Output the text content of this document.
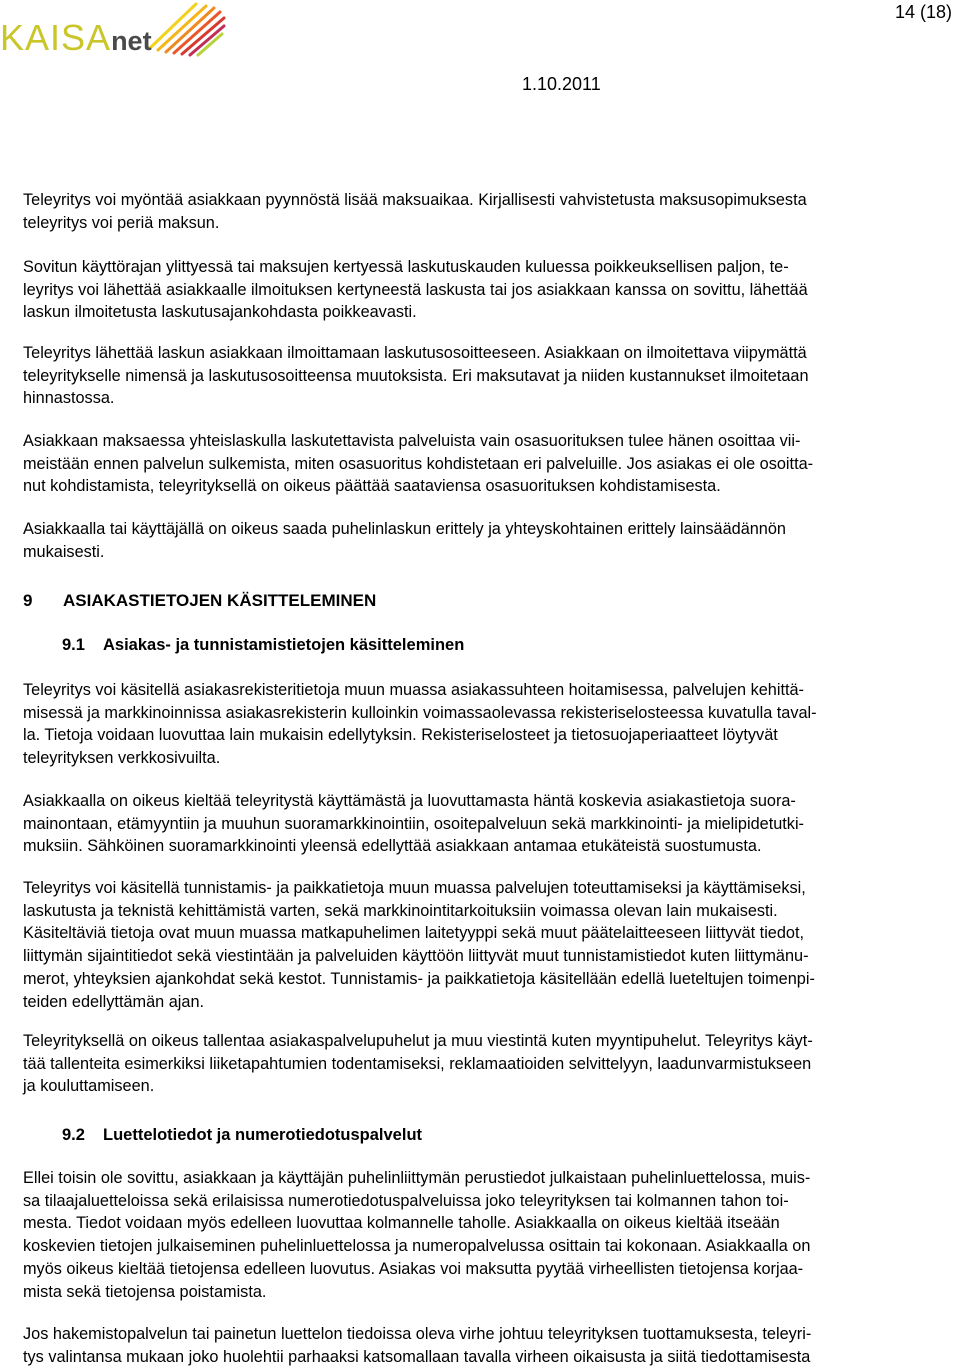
KAISAnet
14 (18)
1.10.2011
Teleyritys voi myöntää asiakkaan pyynnöstä lisää maksuaikaa. Kirjallisesti vahvistetusta maksusopimuksesta
teleyritys voi periä maksun.
Sovitun käyttörajan ylittyessä tai maksujen kertyessä laskutuskauden kuluessa poikkeuksellisen paljon, te-
leyritys voi lähettää asiakkaalle ilmoituksen kertyneestä laskusta tai jos asiakkaan kanssa on sovittu, lähettää
laskun ilmoitetusta laskutusajankohdasta poikkeavasti.
Teleyritys lähettää laskun asiakkaan ilmoittamaan laskutusosoitteeseen. Asiakkaan on ilmoitettava viipymättä
teleyritykselle nimensä ja laskutusosoitteensa muutoksista. Eri maksutavat ja niiden kustannukset ilmoitetaan
hinnastossa.
Asiakkaan maksaessa yhteislaskulla laskutettavista palveluista vain osasuorituksen tulee hänen osoittaa vii-
meistään ennen palvelun sulkemista, miten osasuoritus kohdistetaan eri palveluille. Jos asiakas ei ole osoitta-
nut kohdistamista, teleyrityksellä on oikeus päättää saataviensa osasuorituksen kohdistamisesta.
Asiakkaalla tai käyttäjällä on oikeus saada puhelinlaskun erittely ja yhteyskohtainen erittely lainsäädännön
mukaisesti.
9 ASIAKASTIETOJEN KÄSITTELEMINEN
9.1 Asiakas- ja tunnistamistietojen käsitteleminen
Teleyritys voi käsitellä asiakasrekisteritietoja muun muassa asiakassuhteen hoitamisessa, palvelujen kehittä-
misessä ja markkinoinnissa asiakasrekisterin kulloinkin voimassaolevassa rekisteriselosteessa kuvatulla taval-
la. Tietoja voidaan luovuttaa lain mukaisin edellytyksin. Rekisteriselosteet ja tietosuojaperiaatteet löytyvät
teleyrityksen verkkosivuilta.
Asiakkaalla on oikeus kieltää teleyritystä käyttämästä ja luovuttamasta häntä koskevia asiakastietoja suora-
mainontaan, etämyyntiin ja muuhun suoramarkkinointiin, osoitepalveluun sekä markkinointi- ja mielipidetutki-
muksiin. Sähköinen suoramarkkinointi yleensä edellyttää asiakkaan antamaa etukäteistä suostumusta.
Teleyritys voi käsitellä tunnistamis- ja paikkatietoja muun muassa palvelujen toteuttamiseksi ja käyttämiseksi,
laskutusta ja teknistä kehittämistä varten, sekä markkinointitarkoituksiin voimassa olevan lain mukaisesti.
Käsiteltäviä tietoja ovat muun muassa matkapuhelimen laitetyyppi sekä muut päätelaitteeseen liittyvät tiedot,
liittymän sijaintitiedot sekä viestintään ja palveluiden käyttöön liittyvät muut tunnistamistiedot kuten liittymänu-
merot, yhteyksien ajankohdat sekä kestot. Tunnistamis- ja paikkatietoja käsitellään edellä lueteltujen toimenpi-
teiden edellyttämän ajan.
Teleyrityksellä on oikeus tallentaa asiakaspalvelupuhelut ja muu viestintä kuten myyntipuhelut. Teleyritys käyt-
tää tallenteita esimerkiksi liiketapahtumien todentamiseksi, reklamaatioiden selvittelyyn, laadunvarmistukseen
ja kouluttamiseen.
9.2 Luettelotiedot ja numerotiedotuspalvelut
Ellei toisin ole sovittu, asiakkaan ja käyttäjän puhelinliittymän perustiedot julkaistaan puhelinluettelossa, muis-
sa tilaajaluetteloissa sekä erilaisissa numerotiedotuspalveluissa joko teleyrityksen tai kolmannen tahon toi-
mesta. Tiedot voidaan myös edelleen luovuttaa kolmannelle taholle. Asiakkaalla on oikeus kieltää itseään
koskevien tietojen julkaiseminen puhelinluettelossa ja numeropalvelussa osittain tai kokonaan. Asiakkaalla on
myös oikeus kieltää tietojensa edelleen luovutus. Asiakas voi maksutta pyytää virheellisten tietojensa korjaa-
mista sekä tietojensa poistamista.
Jos hakemistopalvelun tai painetun luettelon tiedoissa oleva virhe johtuu teleyrityksen tuottamuksesta, teleyri-
tys valintansa mukaan joko huolehtii parhaaksi katsomallaan tavalla virheen oikaisusta ja siitä tiedottamisesta
